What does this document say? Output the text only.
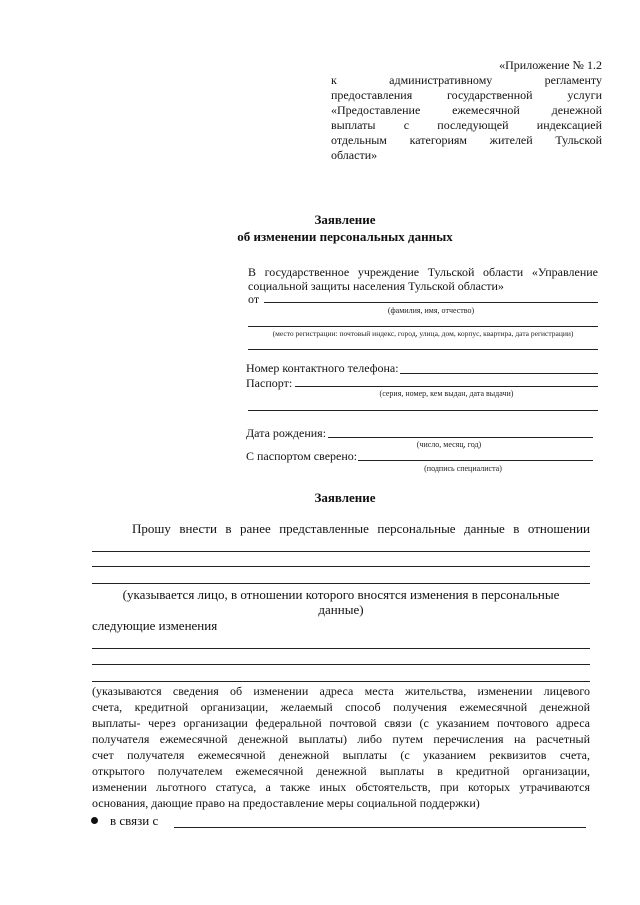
«Приложение № 1.2
к административному регламенту
предоставления государственной услуги
«Предоставление ежемесячной денежной
выплаты с последующей индексацией
отдельным категориям жителей Тульской
области»
Заявление
об изменении персональных данных
В государственное учреждение Тульской области «Управление
социальной защиты населения Тульской области»
от
(фамилия, имя, отчество)
(место регистрации: почтовый индекс, город, улица, дом, корпус, квартира, дата регистрации)
Номер контактного телефона:
Паспорт:
(серия, номер, кем выдан, дата выдачи)
Дата рождения:
(число, месяц, год)
С паспортом сверено:
(подпись специалиста)
Заявление
Прошу внести в ранее представленные персональные данные в отношении
(указывается лицо, в отношении которого вносятся изменения в персональные
данные)
следующие изменения
(указываются сведения об изменении адреса места жительства, изменении лицевого
счета, кредитной организации, желаемый способ получения ежемесячной денежной
выплаты- через организации федеральной почтовой связи (с указанием почтового адреса
получателя ежемесячной денежной выплаты) либо путем перечисления на расчетный
счет получателя ежемесячной денежной выплаты (с указанием реквизитов счета,
открытого получателем ежемесячной денежной выплаты в кредитной организации,
изменении льготного статуса, а также иных обстоятельств, при которых утрачиваются
основания, дающие право на предоставление меры социальной поддержки)
в связи с
